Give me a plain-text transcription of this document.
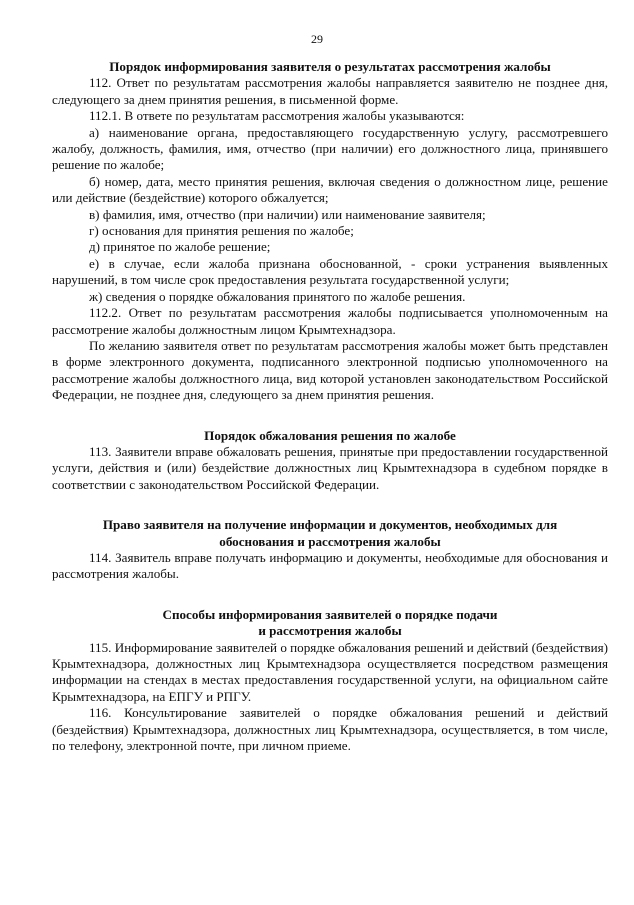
29

Порядок информирования заявителя о результатах рассмотрения жалобы

112. Ответ по результатам рассмотрения жалобы направляется заявителю не позднее дня, следующего за днем принятия решения, в письменной форме.

112.1. В ответе по результатам рассмотрения жалобы указываются:

а) наименование органа, предоставляющего государственную услугу, рассмотревшего жалобу, должность, фамилия, имя, отчество (при наличии) его должностного лица, принявшего решение по жалобе;

б) номер, дата, место принятия решения, включая сведения о должностном лице, решение или действие (бездействие) которого обжалуется;

в) фамилия, имя, отчество (при наличии) или наименование заявителя;

г) основания для принятия решения по жалобе;

д) принятое по жалобе решение;

е) в случае, если жалоба признана обоснованной, - сроки устранения выявленных нарушений, в том числе срок предоставления результата государственной услуги;

ж) сведения о порядке обжалования принятого по жалобе решения.

112.2. Ответ по результатам рассмотрения жалобы подписывается уполномоченным на рассмотрение жалобы должностным лицом Крымтехнадзора.

По желанию заявителя ответ по результатам рассмотрения жалобы может быть представлен в форме электронного документа, подписанного электронной подписью уполномоченного на рассмотрение жалобы должностного лица, вид которой установлен законодательством Российской Федерации, не позднее дня, следующего за днем принятия решения.

Порядок обжалования решения по жалобе

113. Заявители вправе обжаловать решения, принятые при предоставлении государственной услуги, действия и (или) бездействие должностных лиц Крымтехнадзора в судебном порядке в соответствии с законодательством Российской Федерации.

Право заявителя на получение информации и документов, необходимых для

обоснования и рассмотрения жалобы

114. Заявитель вправе получать информацию и документы, необходимые для обоснования и рассмотрения жалобы.

Способы информирования заявителей о порядке подачи

и рассмотрения жалобы

115. Информирование заявителей о порядке обжалования решений и действий (бездействия) Крымтехнадзора, должностных лиц Крымтехнадзора осуществляется посредством размещения информации на стендах в местах предоставления государственной услуги, на официальном сайте Крымтехнадзора, на ЕПГУ и РПГУ.

116. Консультирование заявителей о порядке обжалования решений и действий (бездействия) Крымтехнадзора, должностных лиц Крымтехнадзора, осуществляется, в том числе, по телефону, электронной почте, при личном приеме.
